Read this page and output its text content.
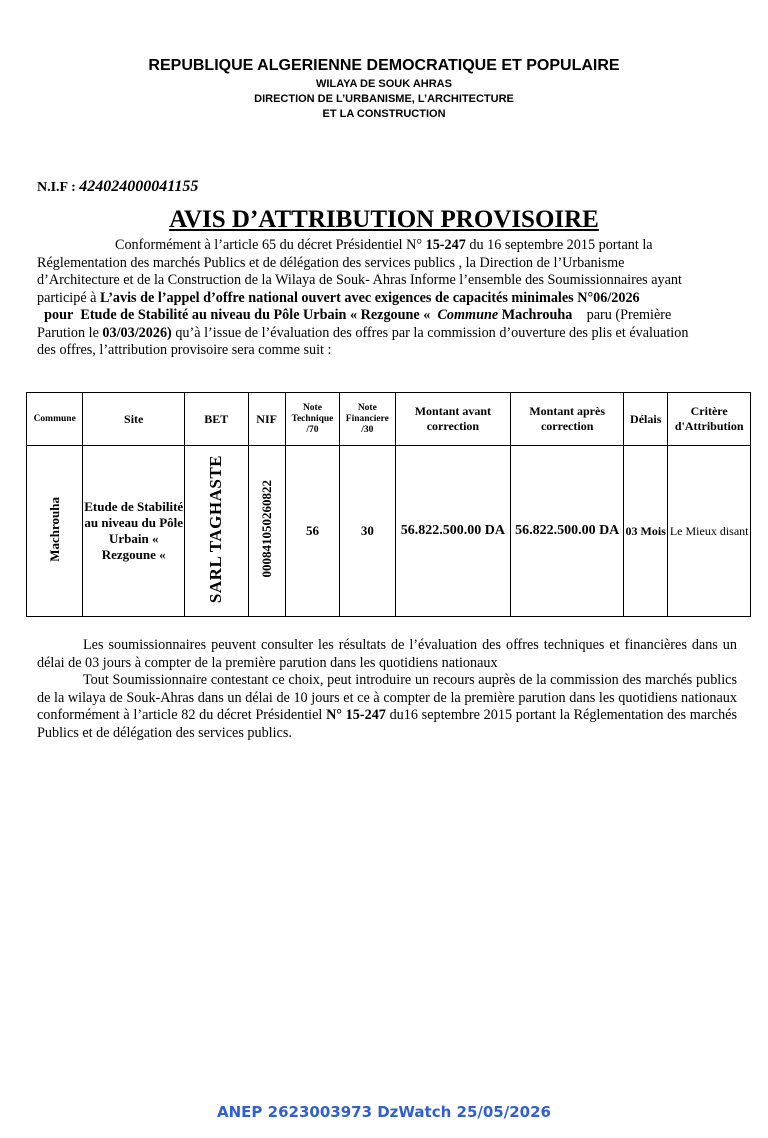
REPUBLIQUE ALGERIENNE DEMOCRATIQUE ET POPULAIRE
WILAYA DE SOUK AHRAS
DIRECTION DE L’URBANISME, L’ARCHITECTURE
ET LA CONSTRUCTION
N.I.F : 424024000041155
AVIS D’ATTRIBUTION PROVISOIRE
Conformément à l’article 65 du décret Présidentiel N° 15-247 du 16 septembre 2015 portant la Réglementation des marchés Publics et de délégation des services publics , la Direction de l’Urbanisme d’Architecture et de la Construction de la Wilaya de Souk- Ahras Informe l’ensemble des Soumissionnaires ayant participé à L’avis de l’appel d’offre national ouvert avec exigences de capacités minimales N°06/2026
pour Etude de Stabilité au niveau du Pôle Urbain « Rezgoune « Commune Machrouha paru (Première Parution le 03/03/2026) qu’à l’issue de l’évaluation des offres par la commission d’ouverture des plis et évaluation des offres, l’attribution provisoire sera comme suit :
Commune	Site	BET	NIF	Note Technique /70	Note Financiere /30	Montant avant correction	Montant après correction	Délais	Critère d'Attribution
Machrouha	Etude de Stabilité au niveau du Pôle Urbain « Rezgoune «	SARL TAGHASTE	000841050260822	56	30	56.822.500.00 DA	56.822.500.00 DA	03 Mois	Le Mieux disant
Les soumissionnaires peuvent consulter les résultats de l’évaluation des offres techniques et financières dans un délai de 03 jours à compter de la première parution dans les quotidiens nationaux
Tout Soumissionnaire contestant ce choix, peut introduire un recours auprès de la commission des marchés publics de la wilaya de Souk-Ahras dans un délai de 10 jours et ce à compter de la première parution dans les quotidiens nationaux conformément à l’article 82 du décret Présidentiel N° 15-247 du16 septembre 2015 portant la Réglementation des marchés Publics et de délégation des services publics.
ANEP 2623003973 DzWatch 25/05/2026
